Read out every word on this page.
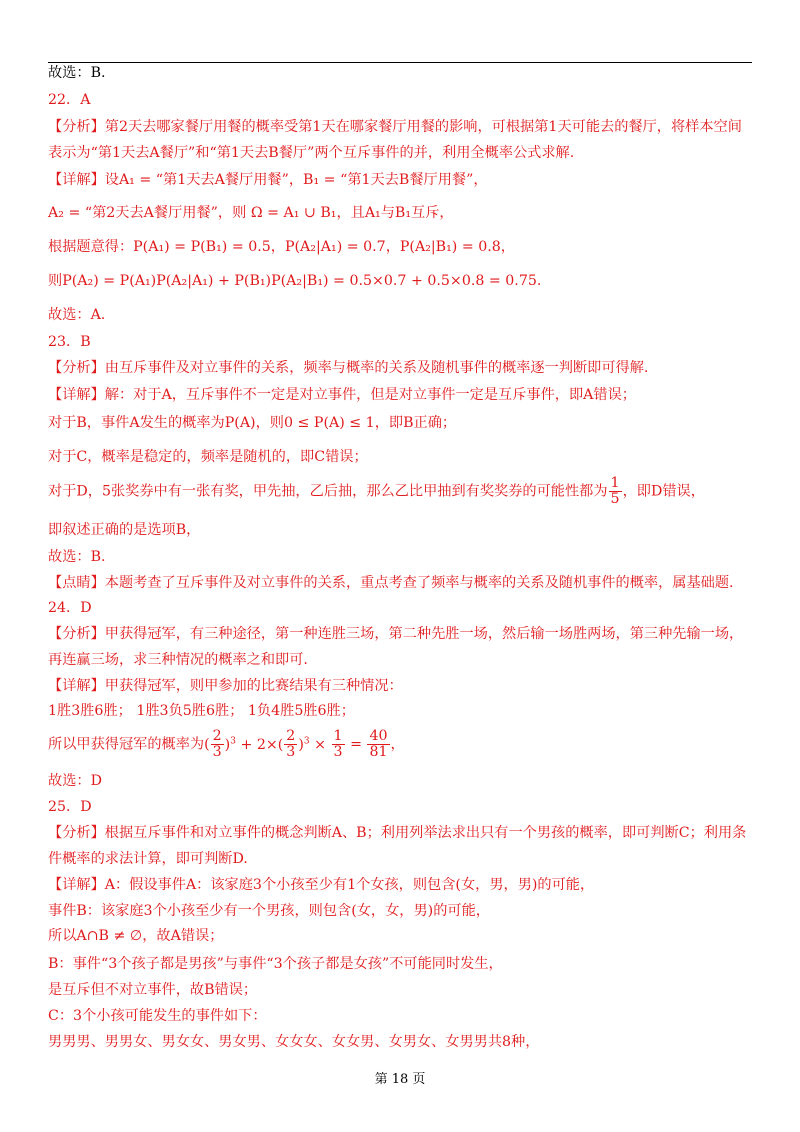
故选：B.
22．A
【分析】第2天去哪家餐厅用餐的概率受第1天在哪家餐厅用餐的影响，可根据第1天可能去的餐厅，将样本空间
表示为“第1天去A餐厅”和“第1天去B餐厅”两个互斥事件的并，利用全概率公式求解.
【详解】设A₁ = “第1天去A餐厅用餐”，B₁ = “第1天去B餐厅用餐”，
A₂ = “第2天去A餐厅用餐”，则 Ω = A₁ ∪ B₁，且A₁与B₁互斥，
根据题意得：P(A₁) = P(B₁) = 0.5，P(A₂|A₁) = 0.7，P(A₂|B₁) = 0.8，
则P(A₂) = P(A₁)P(A₂|A₁) + P(B₁)P(A₂|B₁) = 0.5×0.7 + 0.5×0.8 = 0.75.
故选：A.
23．B
【分析】由互斥事件及对立事件的关系，频率与概率的关系及随机事件的概率逐一判断即可得解.
【详解】解：对于A，互斥事件不一定是对立事件，但是对立事件一定是互斥事件，即A错误；
对于B，事件A发生的概率为P(A)，则0 ≤ P(A) ≤ 1，即B正确；
对于C，概率是稳定的，频率是随机的，即C错误；
对于D，5张奖券中有一张有奖，甲先抽，乙后抽，那么乙比甲抽到有奖奖券的可能性都为 $\frac{1}{5}$ ，即D错误，
即叙述正确的是选项B，
故选：B.
【点睛】本题考查了互斥事件及对立事件的关系，重点考查了频率与概率的关系及随机事件的概率，属基础题.
24．D
【分析】甲获得冠军，有三种途径，第一种连胜三场，第二种先胜一场，然后输一场胜两场，第三种先输一场，
再连赢三场，求三种情况的概率之和即可.
【详解】甲获得冠军，则甲参加的比赛结果有三种情况：
1胜3胜6胜； 1胜3负5胜6胜； 1负4胜5胜6胜；
所以甲获得冠军的概率为( $\frac{2}{3} )^3 + 2\times( \frac{2}{3} )^3 \times \frac{1}{3} = \frac{40}{81}$ ，
故选：D
25．D
【分析】根据互斥事件和对立事件的概念判断A、B；利用列举法求出只有一个男孩的概率，即可判断C；利用条
件概率的求法计算，即可判断D.
【详解】A：假设事件A：该家庭3个小孩至少有1个女孩，则包含(女，男，男)的可能，
事件B：该家庭3个小孩至少有一个男孩，则包含(女，女，男)的可能，
所以A∩B ≠ ∅，故A错误；
B：事件“3个孩子都是男孩”与事件“3个孩子都是女孩”不可能同时发生，
是互斥但不对立事件，故B错误；
C：3个小孩可能发生的事件如下：
男男男、男男女、男女女、男女男、女女女、女女男、女男女、女男男共8种，
第 18 页
